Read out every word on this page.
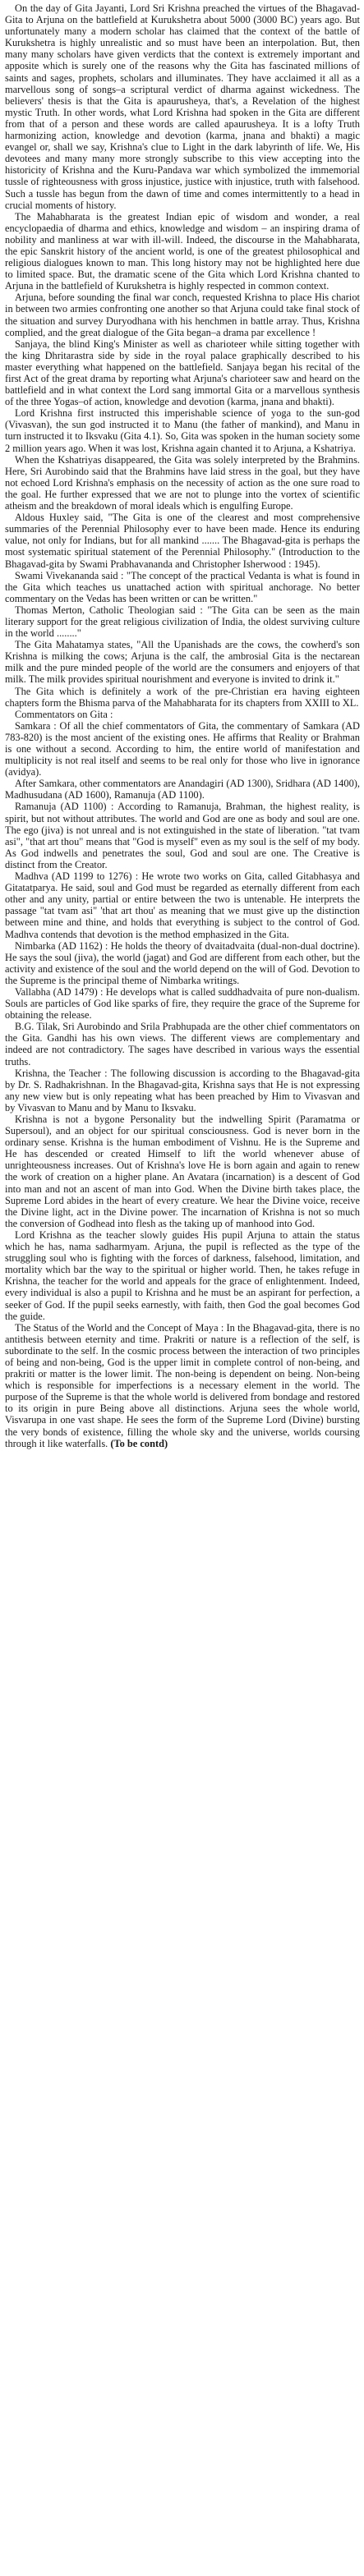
On the day of Gita Jayanti, Lord Sri Krishna preached the virtues of the Bhagavad-Gita to Arjuna on the battlefield at Kurukshetra about 5000 (3000 BC) years ago. But unfortunately many a modern scholar has claimed that the context of the battle of Kurukshetra is highly unrealistic and so must have been an interpolation. But, then many many scholars have given verdicts that the context is extremely important and apposite which is surely one of the reasons why the Gita has fascinated millions of saints and sages, prophets, scholars and illuminates. They have acclaimed it all as a marvellous song of songs–a scriptural verdict of dharma against wickedness. The believers' thesis is that the Gita is apaurusheya, that's, a Revelation of the highest mystic Truth. In other words, what Lord Krishna had spoken in the Gita are different from that of a person and these words are called apaurusheya. It is a lofty Truth harmonizing action, knowledge and devotion (karma, jnana and bhakti) a magic evangel or, shall we say, Krishna's clue to Light in the dark labyrinth of life. We, His devotees and many many more strongly subscribe to this view accepting into the historicity of Krishna and the Kuru-Pandava war which symbolized the immemorial tussle of righteousness with gross injustice, justice with injustice, truth with falsehood. Such a tussle has begun from the dawn of time and comes intermittently to a head in crucial moments of history.

The Mahabharata is the greatest Indian epic of wisdom and wonder, a real encyclopaedia of dharma and ethics, knowledge and wisdom – an inspiring drama of nobility and manliness at war with ill-will. Indeed, the discourse in the Mahabharata, the epic Sanskrit history of the ancient world, is one of the greatest philosophical and religious dialogues known to man. This long history may not be highlighted here due to limited space. But, the dramatic scene of the Gita which Lord Krishna chanted to Arjuna in the battlefield of Kurukshetra is highly respected in common context.

Arjuna, before sounding the final war conch, requested Krishna to place His chariot in between two armies confronting one another so that Arjuna could take final stock of the situation and survey Duryodhana with his henchmen in battle array. Thus, Krishna complied, and the great dialogue of the Gita began–a drama par excellence !

Sanjaya, the blind King's Minister as well as charioteer while sitting together with the king Dhritarastra side by side in the royal palace graphically described to his master everything what happened on the battlefield. Sanjaya began his recital of the first Act of the great drama by reporting what Arjuna's charioteer saw and heard on the battlefield and in what context the Lord sang immortal Gita or a marvellous synthesis of the three Yogas–of action, knowledge and devotion (karma, jnana and bhakti).

Lord Krishna first instructed this imperishable science of yoga to the sun-god (Vivasvan), the sun god instructed it to Manu (the father of mankind), and Manu in turn instructed it to Iksvaku (Gita 4.1). So, Gita was spoken in the human society some 2 million years ago. When it was lost, Krishna again chanted it to Arjuna, a Kshatriya.

When the Kshatriyas disappeared, the Gita was solely interpreted by the Brahmins. Here, Sri Aurobindo said that the Brahmins have laid stress in the goal, but they have not echoed Lord Krishna's emphasis on the necessity of action as the one sure road to the goal. He further expressed that we are not to plunge into the vortex of scientific atheism and the breakdown of moral ideals which is engulfing Europe.

Aldous Huxley said, "The Gita is one of the clearest and most comprehensive summaries of the Perennial Philosophy ever to have been made. Hence its enduring value, not only for Indians, but for all mankind ....... The Bhagavad-gita is perhaps the most systematic spiritual statement of the Perennial Philosophy." (Introduction to the Bhagavad-gita by Swami Prabhavananda and Christopher Isherwood : 1945).

Swami Vivekananda said : "The concept of the practical Vedanta is what is found in the Gita which teaches us unattached action with spiritual anchorage. No better commentary on the Vedas has been written or can be written."

Thomas Merton, Catholic Theologian said : "The Gita can be seen as the main literary support for the great religious civilization of India, the oldest surviving culture in the world ........"

The Gita Mahatamya states, "All the Upanishads are the cows, the cowherd's son Krishna is milking the cows; Arjuna is the calf, the ambrosial Gita is the nectarean milk and the pure minded people of the world are the consumers and enjoyers of that milk. The milk provides spiritual nourishment and everyone is invited to drink it."

The Gita which is definitely a work of the pre-Christian era having eighteen chapters form the Bhisma parva of the Mahabharata for its chapters from XXIII to XL.

Commentators on Gita :

Samkara : Of all the chief commentators of Gita, the commentary of Samkara (AD 783-820) is the most ancient of the existing ones. He affirms that Reality or Brahman is one without a second. According to him, the entire world of manifestation and multiplicity is not real itself and seems to be real only for those who live in ignorance (avidya).

After Samkara, other commentators are Anandagiri (AD 1300), Sridhara (AD 1400), Madhusudana (AD 1600), Ramanuja (AD 1100).

Ramanuja (AD 1100) : According to Ramanuja, Brahman, the highest reality, is spirit, but not without attributes. The world and God are one as body and soul are one. The ego (jiva) is not unreal and is not extinguished in the state of liberation. "tat tvam asi", "that art thou" means that "God is myself" even as my soul is the self of my body. As God indwells and penetrates the soul, God and soul are one. The Creative is distinct from the Creator.

Madhva (AD 1199 to 1276) : He wrote two works on Gita, called Gitabhasya and Gitatatparya. He said, soul and God must be regarded as eternally different from each other and any unity, partial or entire between the two is untenable. He interprets the passage "tat tvam asi" 'that art thou' as meaning that we must give up the distinction between mine and thine, and holds that everything is subject to the control of God. Madhva contends that devotion is the method emphasized in the Gita.

Nimbarka (AD 1162) : He holds the theory of dvaitadvaita (dual-non-dual doctrine). He says the soul (jiva), the world (jagat) and God are different from each other, but the activity and existence of the soul and the world depend on the will of God. Devotion to the Supreme is the principal theme of Nimbarka writings.

Vallabha (AD 1479) : He develops what is called suddhadvaita of pure non-dualism. Souls are particles of God like sparks of fire, they require the grace of the Supreme for obtaining the release.

B.G. Tilak, Sri Aurobindo and Srila Prabhupada are the other chief commentators on the Gita. Gandhi has his own views. The different views are complementary and indeed are not contradictory. The sages have described in various ways the essential truths.

Krishna, the Teacher : The following discussion is according to the Bhagavad-gita by Dr. S. Radhakrishnan. In the Bhagavad-gita, Krishna says that He is not expressing any new view but is only repeating what has been preached by Him to Vivasvan and by Vivasvan to Manu and by Manu to Iksvaku.

Krishna is not a bygone Personality but the indwelling Spirit (Paramatma or Supersoul), and an object for our spiritual consciousness. God is never born in the ordinary sense. Krishna is the human embodiment of Vishnu. He is the Supreme and He has descended or created Himself to lift the world whenever abuse of unrighteousness increases. Out of Krishna's love He is born again and again to renew the work of creation on a higher plane. An Avatara (incarnation) is a descent of God into man and not an ascent of man into God. When the Divine birth takes place, the Supreme Lord abides in the heart of every creature. We hear the Divine voice, receive the Divine light, act in the Divine power. The incarnation of Krishna is not so much the conversion of Godhead into flesh as the taking up of manhood into God.

Lord Krishna as the teacher slowly guides His pupil Arjuna to attain the status which he has, nama sadharmyam. Arjuna, the pupil is reflected as the type of the struggling soul who is fighting with the forces of darkness, falsehood, limitation, and mortality which bar the way to the spiritual or higher world. Then, he takes refuge in Krishna, the teacher for the world and appeals for the grace of enlightenment. Indeed, every individual is also a pupil to Krishna and he must be an aspirant for perfection, a seeker of God. If the pupil seeks earnestly, with faith, then God the goal becomes God the guide.

The Status of the World and the Concept of Maya : In the Bhagavad-gita, there is no antithesis between eternity and time. Prakriti or nature is a reflection of the self, is subordinate to the self. In the cosmic process between the interaction of two principles of being and non-being, God is the upper limit in complete control of non-being, and prakriti or matter is the lower limit. The non-being is dependent on being. Non-being which is responsible for imperfections is a necessary element in the world. The purpose of the Supreme is that the whole world is delivered from bondage and restored to its origin in pure Being above all distinctions. Arjuna sees the whole world, Visvarupa in one vast shape. He sees the form of the Supreme Lord (Divine) bursting the very bonds of existence, filling the whole sky and the universe, worlds coursing through it like waterfalls. (To be contd)
